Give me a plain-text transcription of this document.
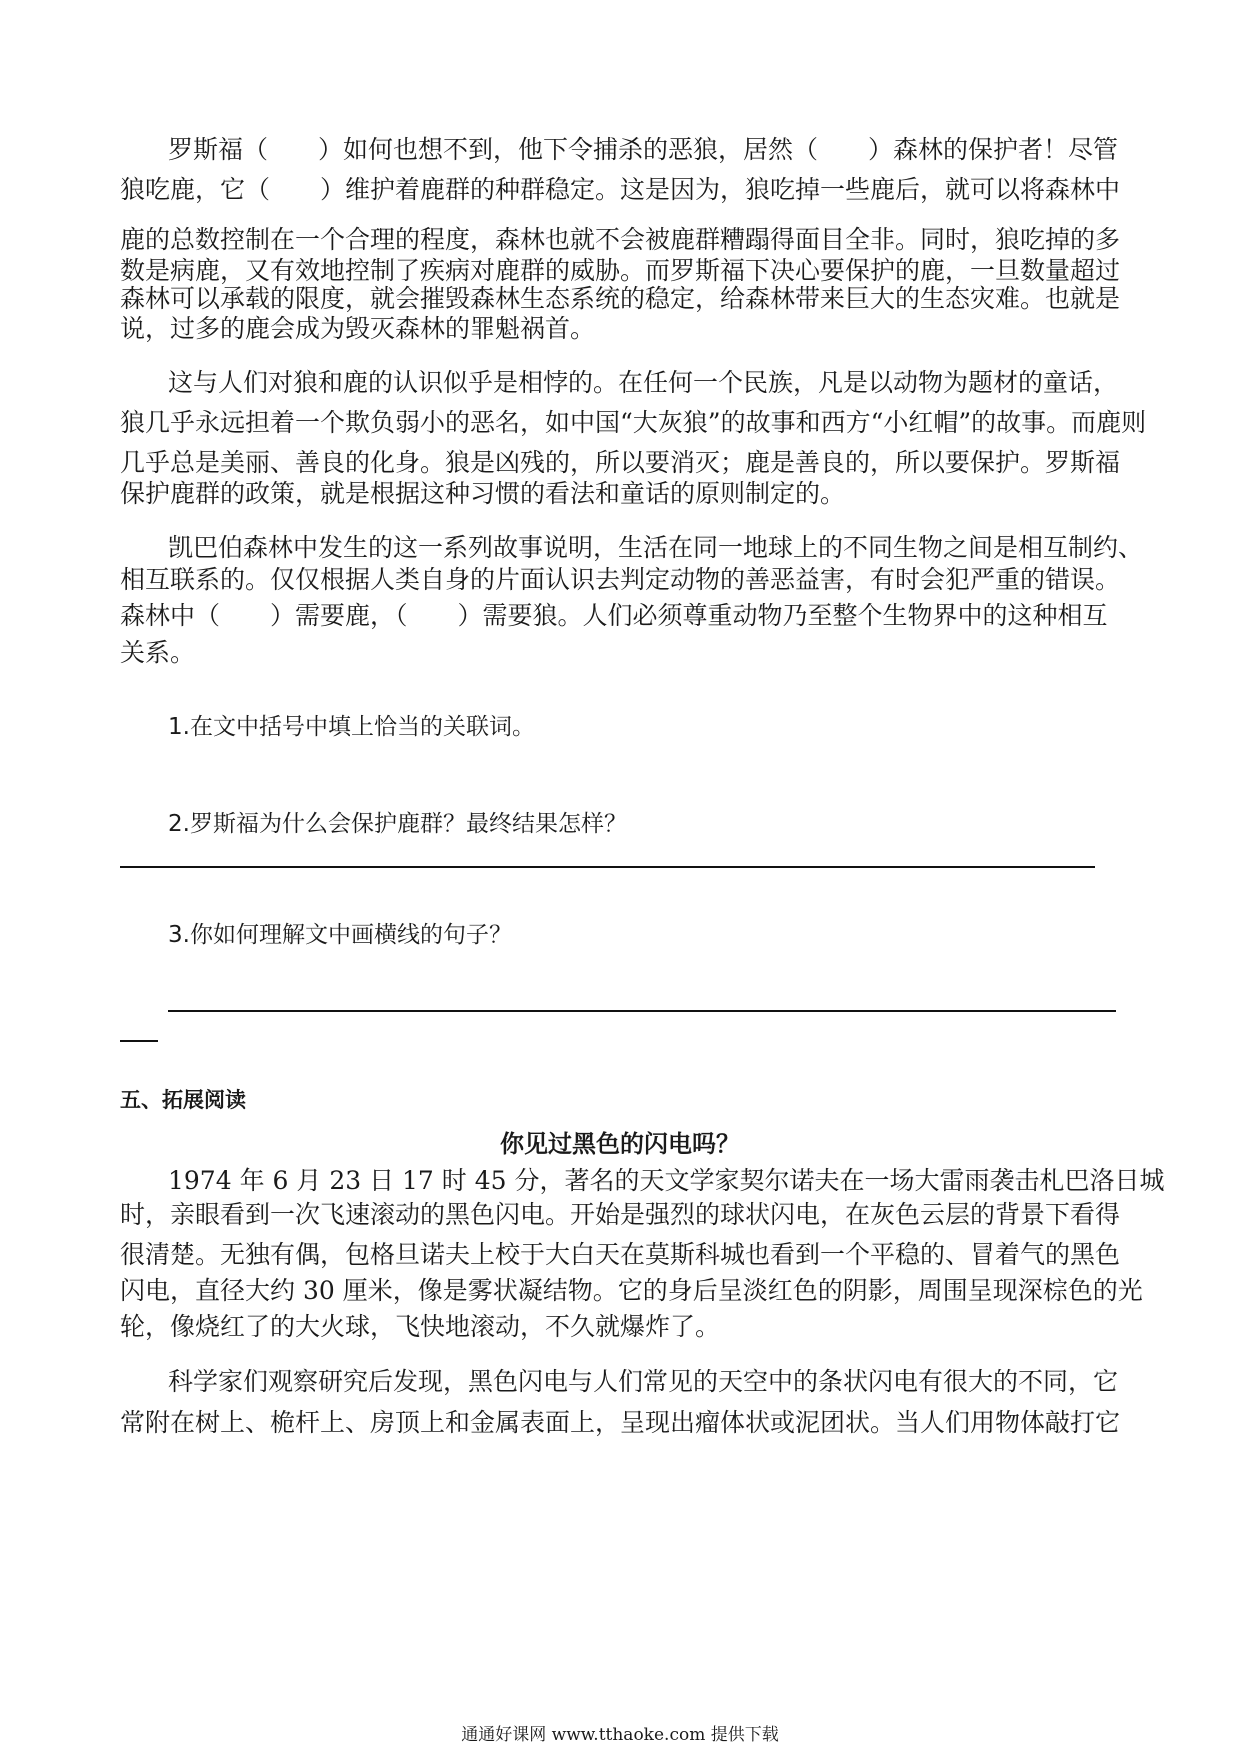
罗斯福（　　）如何也想不到，他下令捕杀的恶狼，居然（　　）森林的保护者！尽管
狼吃鹿，它（　　）维护着鹿群的种群稳定。这是因为，狼吃掉一些鹿后，就可以将森林中
鹿的总数控制在一个合理的程度，森林也就不会被鹿群糟蹋得面目全非。同时，狼吃掉的多
数是病鹿，又有效地控制了疾病对鹿群的威胁。而罗斯福下决心要保护的鹿，一旦数量超过
森林可以承载的限度，就会摧毁森林生态系统的稳定，给森林带来巨大的生态灾难。也就是
说，过多的鹿会成为毁灭森林的罪魁祸首。
这与人们对狼和鹿的认识似乎是相悖的。在任何一个民族，凡是以动物为题材的童话，
狼几乎永远担着一个欺负弱小的恶名，如中国“大灰狼”的故事和西方“小红帽”的故事。而鹿则
几乎总是美丽、善良的化身。狼是凶残的，所以要消灭；鹿是善良的，所以要保护。罗斯福
保护鹿群的政策，就是根据这种习惯的看法和童话的原则制定的。
凯巴伯森林中发生的这一系列故事说明，生活在同一地球上的不同生物之间是相互制约、
相互联系的。仅仅根据人类自身的片面认识去判定动物的善恶益害，有时会犯严重的错误。
森林中（　　）需要鹿，（　　）需要狼。人们必须尊重动物乃至整个生物界中的这种相互
关系。
1.在文中括号中填上恰当的关联词。
2.罗斯福为什么会保护鹿群？最终结果怎样？
3.你如何理解文中画横线的句子？
五、拓展阅读
你见过黑色的闪电吗？
1974 年 6 月 23 日 17 时 45 分，著名的天文学家契尔诺夫在一场大雷雨袭击札巴洛日城
时，亲眼看到一次飞速滚动的黑色闪电。开始是强烈的球状闪电，在灰色云层的背景下看得
很清楚。无独有偶，包格旦诺夫上校于大白天在莫斯科城也看到一个平稳的、冒着气的黑色
闪电，直径大约 30 厘米，像是雾状凝结物。它的身后呈淡红色的阴影，周围呈现深棕色的光
轮，像烧红了的大火球，飞快地滚动，不久就爆炸了。
科学家们观察研究后发现，黑色闪电与人们常见的天空中的条状闪电有很大的不同，它
常附在树上、桅杆上、房顶上和金属表面上，呈现出瘤体状或泥团状。当人们用物体敲打它
通通好课网 www.tthaoke.com 提供下载
